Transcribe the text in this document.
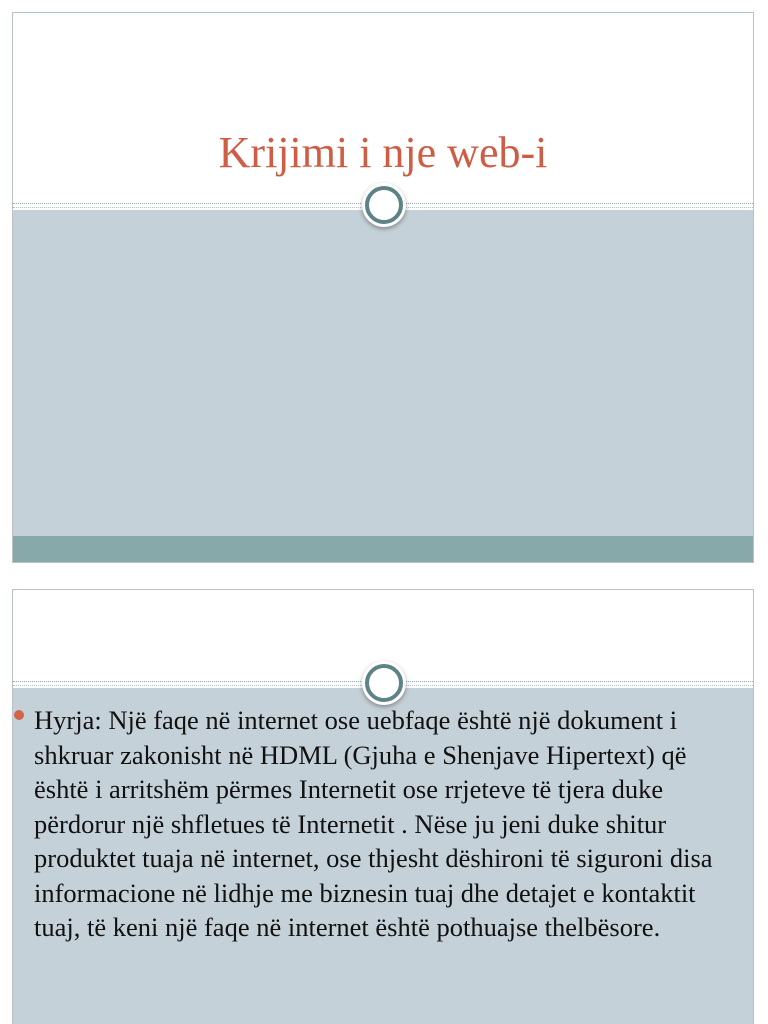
Krijimi i nje web-i

Hyrja: Një faqe në internet ose uebfaqe është një dokument i shkruar zakonisht në HDML (Gjuha e Shenjave Hipertext) që është i arritshëm përmes Internetit ose rrjeteve të tjera duke përdorur një shfletues të Internetit . Nëse ju jeni duke shitur produktet tuaja në internet, ose thjesht dëshironi të siguroni disa informacione në lidhje me biznesin tuaj dhe detajet e kontaktit tuaj, të keni një faqe në internet është pothuajse thelbësore.
